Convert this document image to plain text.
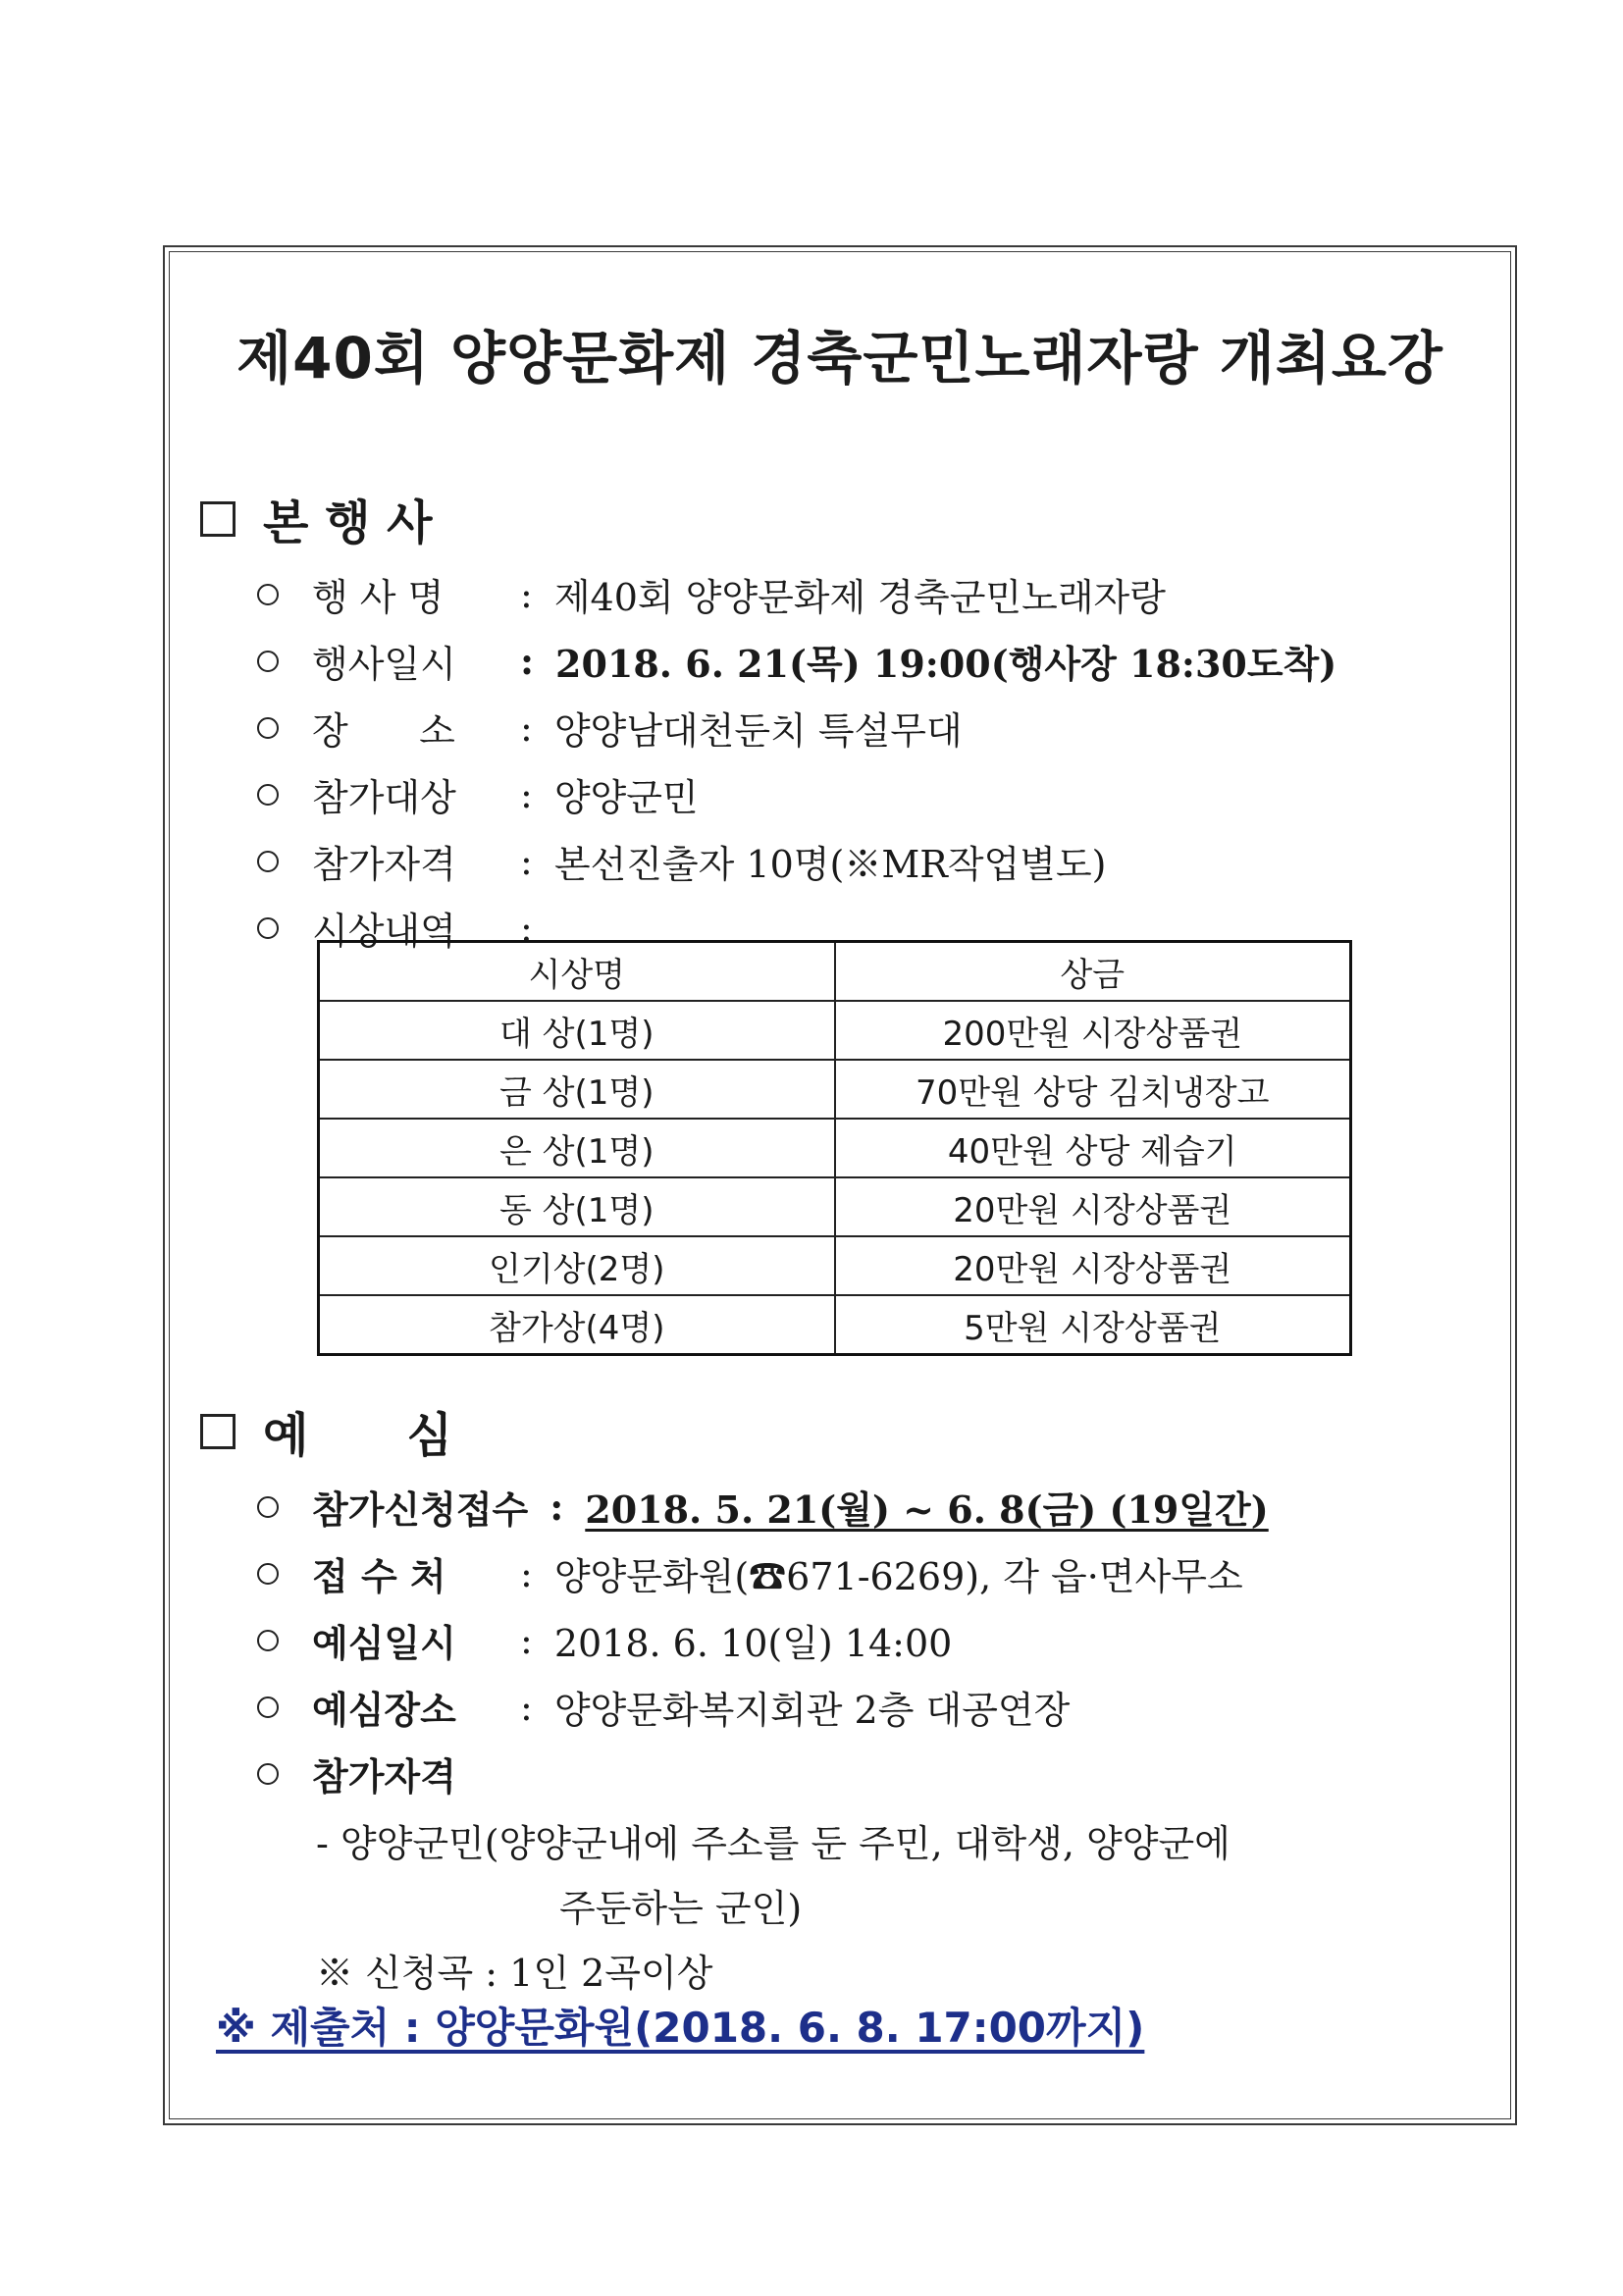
제40회 양양문화제 경축군민노래자랑 개최요강
본 행 사
행 사 명	: 제40회 양양문화제 경축군민노래자랑
행사일시	: 2018. 6. 21(목) 19:00(행사장 18:30도착)
장      소	: 양양남대천둔치 특설무대
참가대상	: 양양군민
참가자격	: 본선진출자 10명(※MR작업별도)
시상내역	:
시상명	상금
대 상(1명)	200만원 시장상품권
금 상(1명)	70만원 상당 김치냉장고
은 상(1명)	40만원 상당 제습기
동 상(1명)	20만원 시장상품권
인기상(2명)	20만원 시장상품권
참가상(4명)	5만원 시장상품권
예      심
참가신청접수 : 2018. 5. 21(월) ~ 6. 8(금) (19일간)
접 수 처	: 양양문화원(☎671-6269), 각 읍·면사무소
예심일시	: 2018. 6. 10(일) 14:00
예심장소	: 양양문화복지회관 2층 대공연장
참가자격
- 양양군민(양양군내에 주소를 둔 주민, 대학생, 양양군에
주둔하는 군인)
※ 신청곡 : 1인 2곡이상
※ 제출처 : 양양문화원(2018. 6. 8. 17:00까지)
